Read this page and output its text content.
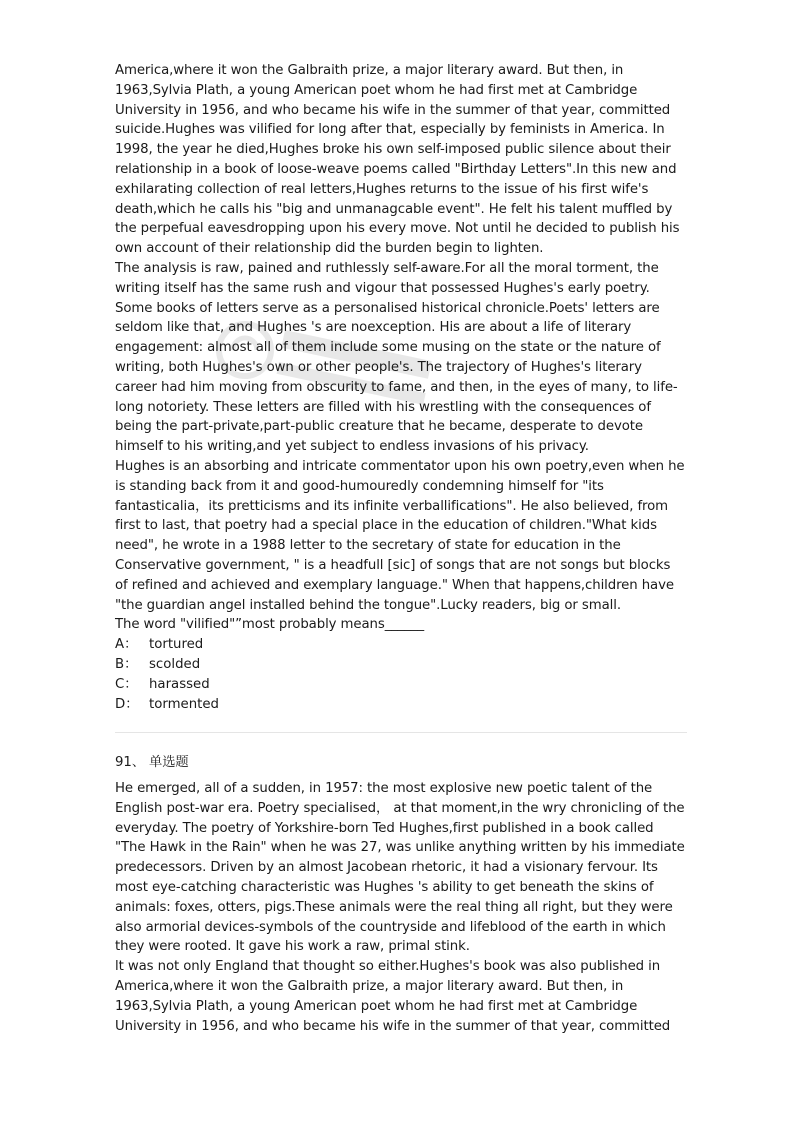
America,where it won the Galbraith prize, a major literary award. But then, in 1963,Sylvia Plath, a young American poet whom he had first met at Cambridge University in 1956, and who became his wife in the summer of that year, committed suicide.Hughes was vilified for long after that, especially by feminists in America. In 1998, the year he died,Hughes broke his own self-imposed public silence about their relationship in a book of loose-weave poems called "Birthday Letters".In this new and exhilarating collection of real letters,Hughes returns to the issue of his first wife's death,which he calls his "big and unmanagcable event". He felt his talent muffled by the perpefual eavesdropping upon his every move. Not until he decided to publish his own account of their relationship did the burden begin to lighten.

The analysis is raw, pained and ruthlessly self-aware.For all the moral torment, the writing itself has the same rush and vigour that possessed Hughes's early poetry. Some books of letters serve as a personalised historical chronicle.Poets' letters are seldom like that, and Hughes 's are noexception. His are about a life of literary engagement: almost all of them include some musing on the state or the nature of writing, both Hughes's own or other people's. The trajectory of Hughes's literary career had him moving from obscurity to fame, and then, in the eyes of many, to life-long notoriety. These letters are filled with his wrestling with the consequences of being the part-private,part-public creature that he became, desperate to devote himself to his writing,and yet subject to endless invasions of his privacy.

Hughes is an absorbing and intricate commentator upon his own poetry,even when he is standing back from it and good-humouredly condemning himself for "its fantasticalia，its pretticisms and its infinite verballifications". He also believed, from first to last, that poetry had a special place in the education of children."What kids need", he wrote in a 1988 letter to the secretary of state for education in the Conservative government, " is a headfull [sic] of songs that are not songs but blocks of refined and achieved and exemplary language." When that happens,children have "the guardian angel installed behind the tongue".Lucky readers, big or small.

The word "vilified"”most probably means______

A： tortured

B： scolded

C： harassed

D： tormented

91、 单选题

He emerged, all of a sudden, in 1957: the most explosive new poetic talent of the English post-war era. Poetry specialised， at that moment,in the wry chronicling of the everyday. The poetry of Yorkshire-born Ted Hughes,first published in a book called "The Hawk in the Rain" when he was 27, was unlike anything written by his immediate predecessors. Driven by an almost Jacobean rhetoric, it had a visionary fervour. Its most eye-catching characteristic was Hughes 's ability to get beneath the skins of animals: foxes, otters, pigs.These animals were the real thing all right, but they were also armorial devices-symbols of the countryside and lifeblood of the earth in which they were rooted. It gave his work a raw, primal stink.

lt was not only England that thought so either.Hughes's book was also published in America,where it won the Galbraith prize, a major literary award. But then, in 1963,Sylvia Plath, a young American poet whom he had first met at Cambridge University in 1956, and who became his wife in the summer of that year, committed
